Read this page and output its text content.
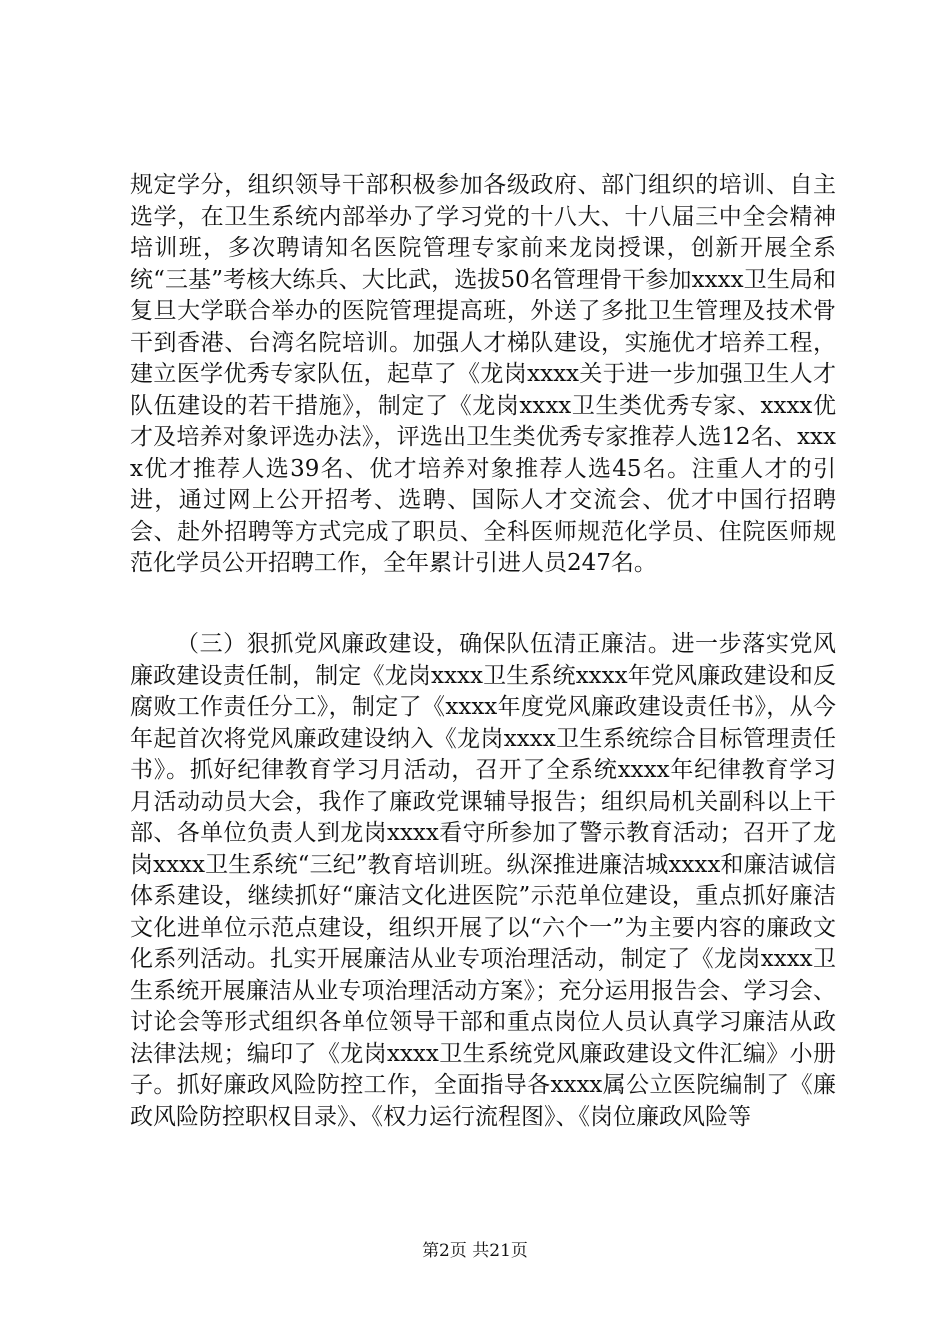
规定学分，组织领导干部积极参加各级政府、部门组织的培训、自主选学，在卫生系统内部举办了学习党的十八大、十八届三中全会精神培训班，多次聘请知名医院管理专家前来龙岗授课，创新开展全系统“三基”考核大练兵、大比武，选拔50名管理骨干参加xxxx卫生局和复旦大学联合举办的医院管理提高班，外送了多批卫生管理及技术骨干到香港、台湾名院培训。加强人才梯队建设，实施优才培养工程，建立医学优秀专家队伍，起草了《龙岗xxxx关于进一步加强卫生人才队伍建设的若干措施》，制定了《龙岗xxxx卫生类优秀专家、xxxx优才及培养对象评选办法》，评选出卫生类优秀专家推荐人选12名、xxxx优才推荐人选39名、优才培养对象推荐人选45名。注重人才的引进，通过网上公开招考、选聘、国际人才交流会、优才中国行招聘会、赴外招聘等方式完成了职员、全科医师规范化学员、住院医师规范化学员公开招聘工作，全年累计引进人员247名。

（三）狠抓党风廉政建设，确保队伍清正廉洁。进一步落实党风廉政建设责任制，制定《龙岗xxxx卫生系统xxxx年党风廉政建设和反腐败工作责任分工》，制定了《xxxx年度党风廉政建设责任书》，从今年起首次将党风廉政建设纳入《龙岗xxxx卫生系统综合目标管理责任书》。抓好纪律教育学习月活动，召开了全系统xxxx年纪律教育学习月活动动员大会，我作了廉政党课辅导报告；组织局机关副科以上干部、各单位负责人到龙岗xxxx看守所参加了警示教育活动；召开了龙岗xxxx卫生系统“三纪”教育培训班。纵深推进廉洁城xxxx和廉洁诚信体系建设，继续抓好“廉洁文化进医院”示范单位建设，重点抓好廉洁文化进单位示范点建设，组织开展了以“六个一”为主要内容的廉政文化系列活动。扎实开展廉洁从业专项治理活动，制定了《龙岗xxxx卫生系统开展廉洁从业专项治理活动方案》；充分运用报告会、学习会、讨论会等形式组织各单位领导干部和重点岗位人员认真学习廉洁从政法律法规；编印了《龙岗xxxx卫生系统党风廉政建设文件汇编》小册子。抓好廉政风险防控工作，全面指导各xxxx属公立医院编制了《廉政风险防控职权目录》、《权力运行流程图》、《岗位廉政风险等

第2页 共21页
